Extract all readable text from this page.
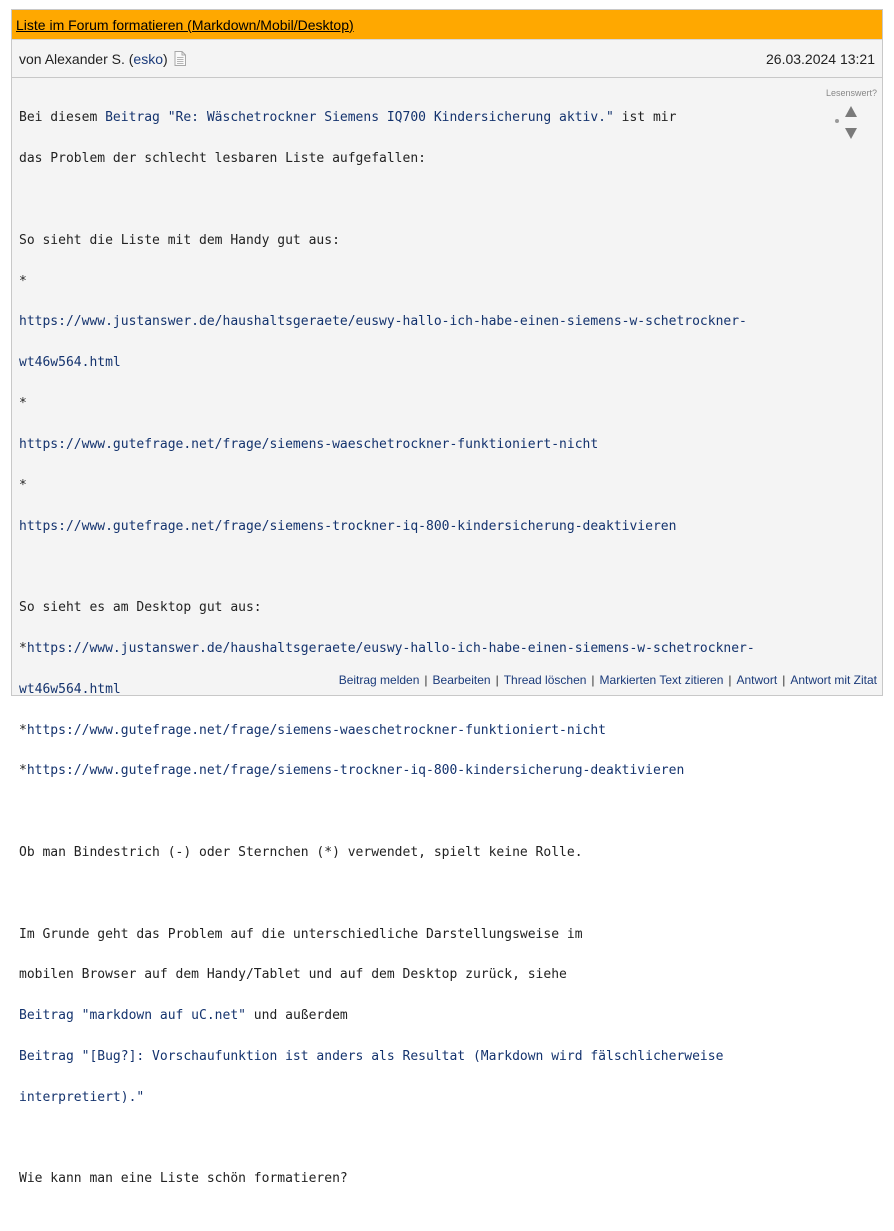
Liste im Forum formatieren (Markdown/Mobil/Desktop)
von Alexander S. ( esko )	26.03.2024 13:21
Lesenswert?

Bei diesem Beitrag "Re: Wäschetrockner Siemens IQ700 Kindersicherung aktiv." ist mir

das Problem der schlecht lesbaren Liste aufgefallen:

So sieht die Liste mit dem Handy gut aus:

*

https://www.justanswer.de/haushaltsgeraete/euswy-hallo-ich-habe-einen-siemens-w-schetrockner-

wt46w564.html

*

https://www.gutefrage.net/frage/siemens-waeschetrockner-funktioniert-nicht

*

https://www.gutefrage.net/frage/siemens-trockner-iq-800-kindersicherung-deaktivieren

So sieht es am Desktop gut aus:

*https://www.justanswer.de/haushaltsgeraete/euswy-hallo-ich-habe-einen-siemens-w-schetrockner-

wt46w564.html

*https://www.gutefrage.net/frage/siemens-waeschetrockner-funktioniert-nicht

*https://www.gutefrage.net/frage/siemens-trockner-iq-800-kindersicherung-deaktivieren

Ob man Bindestrich (-) oder Sternchen (*) verwendet, spielt keine Rolle.

Im Grunde geht das Problem auf die unterschiedliche Darstellungsweise im

mobilen Browser auf dem Handy/Tablet und auf dem Desktop zurück, siehe

Beitrag "markdown auf uC.net" und außerdem

Beitrag "[Bug?]: Vorschaufunktion ist anders als Resultat (Markdown wird fälschlicherweise

interpretiert)."

Wie kann man eine Liste schön formatieren?

Beitrag melden | Bearbeiten | Thread löschen | Markierten Text zitieren | Antwort | Antwort mit Zitat
